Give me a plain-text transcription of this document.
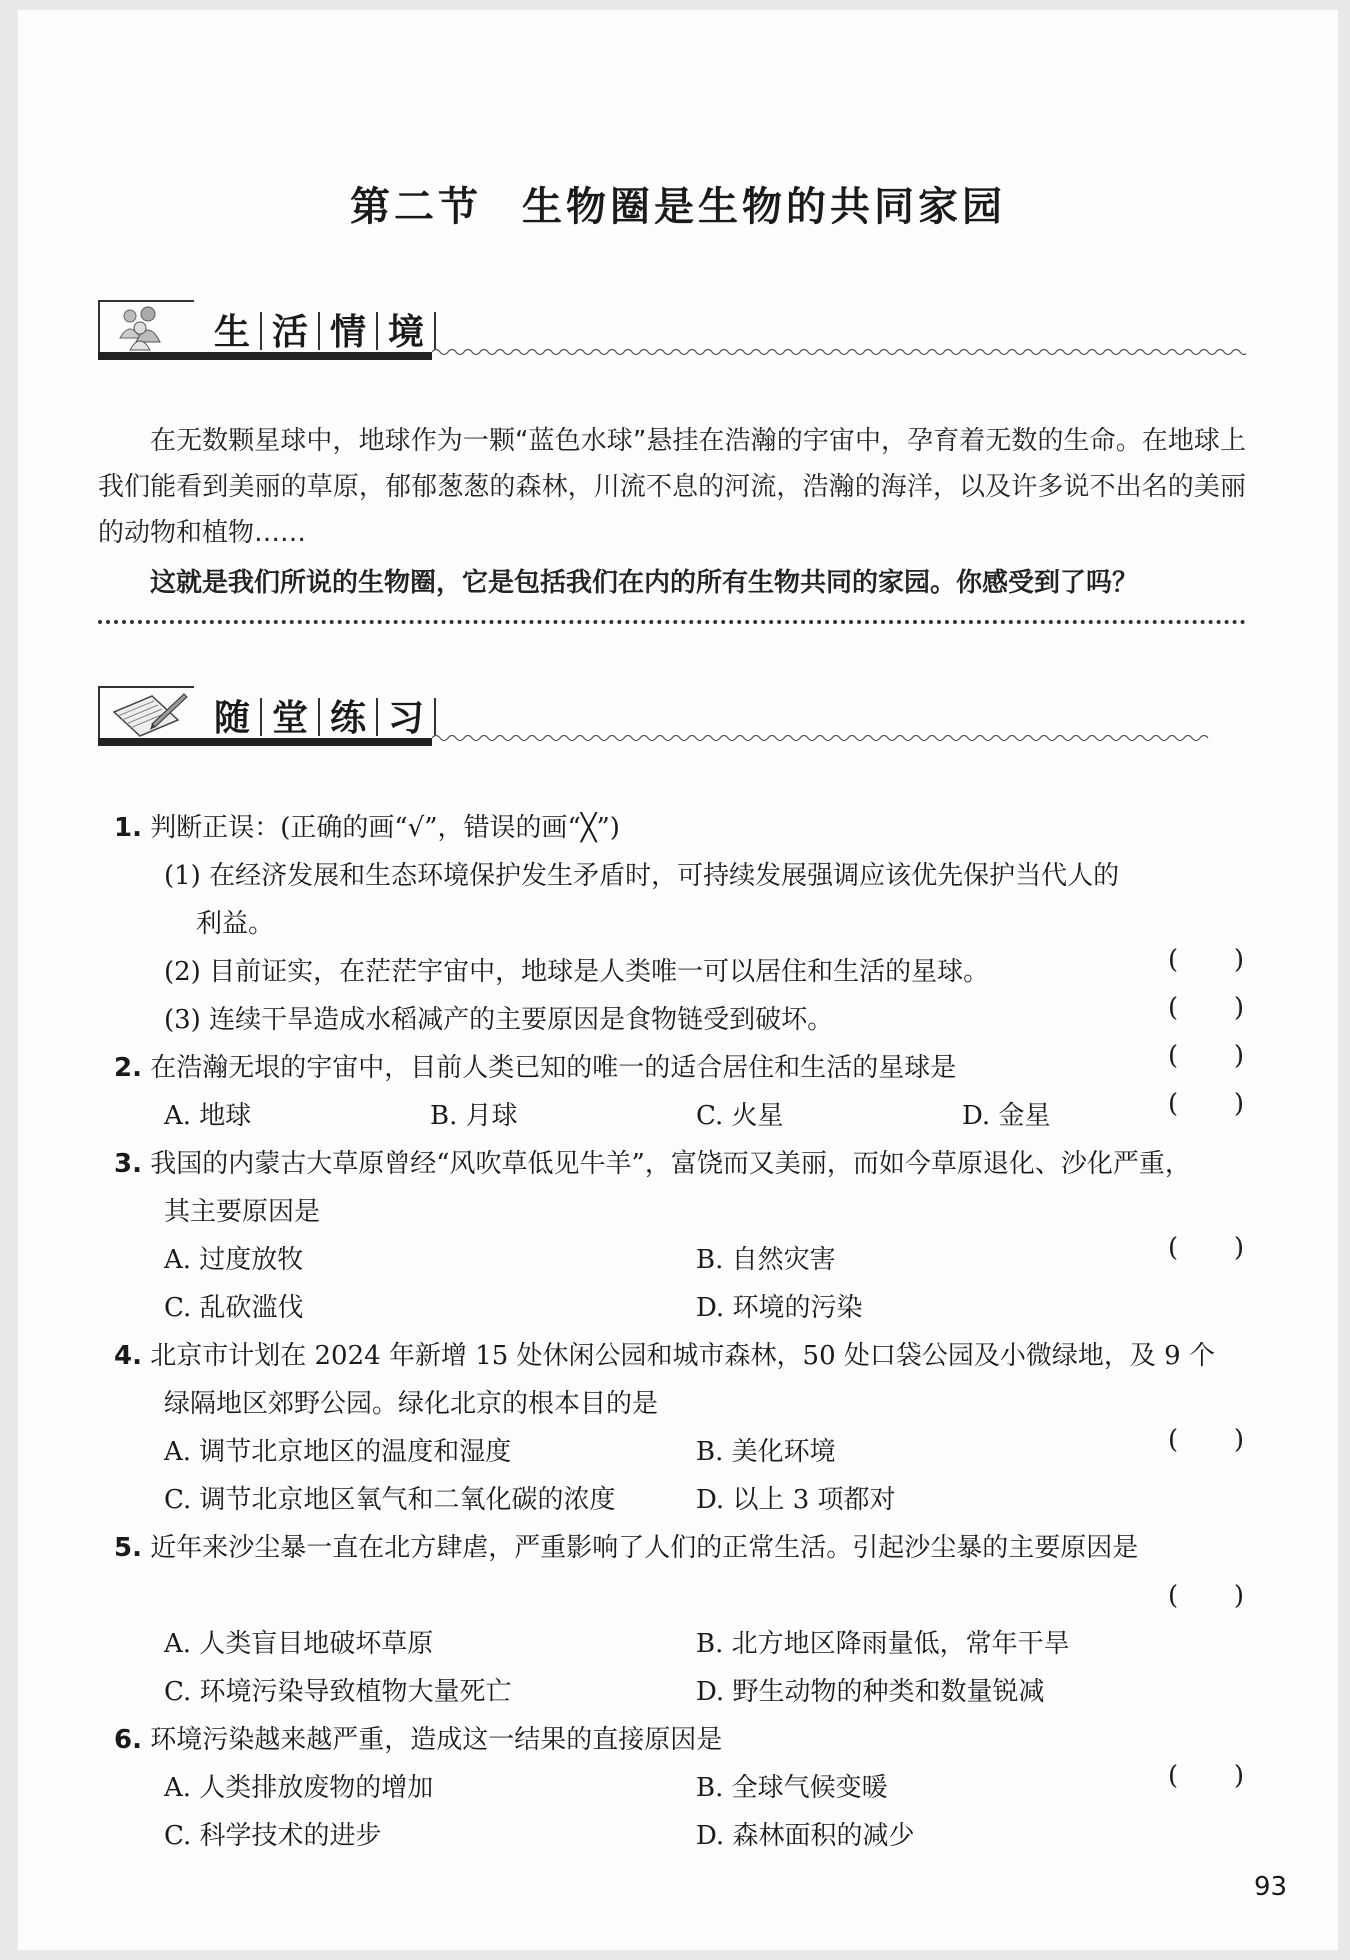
第二节 生物圈是生物的共同家园
生 活 情 境

在无数颗星球中，地球作为一颗“蓝色水球”悬挂在浩瀚的宇宙中，孕育着无数的生命。在地球上我们能看到美丽的草原，郁郁葱葱的森林，川流不息的河流，浩瀚的海洋，以及许多说不出名的美丽的动物和植物……

这就是我们所说的生物圈，它是包括我们在内的所有生物共同的家园。你感受到了吗？

随 堂 练 习
1. 判断正误：(正确的画“√”，错误的画“╳”)
(1) 在经济发展和生态环境保护发生矛盾时，可持续发展强调应该优先保护当代人的
利益。
( )
(2) 目前证实，在茫茫宇宙中，地球是人类唯一可以居住和生活的星球。
( )
(3) 连续干旱造成水稻减产的主要原因是食物链受到破坏。
( )
2. 在浩瀚无垠的宇宙中，目前人类已知的唯一的适合居住和生活的星球是
( )
A. 地球	B. 月球	C. 火星	D. 金星
3. 我国的内蒙古大草原曾经“风吹草低见牛羊”，富饶而又美丽，而如今草原退化、沙化严重，
其主要原因是
( )
A. 过度放牧	B. 自然灾害
C. 乱砍滥伐	D. 环境的污染
4. 北京市计划在 2024 年新增 15 处休闲公园和城市森林，50 处口袋公园及小微绿地，及 9 个
绿隔地区郊野公园。绿化北京的根本目的是
( )
A. 调节北京地区的温度和湿度	B. 美化环境
C. 调节北京地区氧气和二氧化碳的浓度	D. 以上 3 项都对
5. 近年来沙尘暴一直在北方肆虐，严重影响了人们的正常生活。引起沙尘暴的主要原因是
( )
A. 人类盲目地破坏草原	B. 北方地区降雨量低，常年干旱
C. 环境污染导致植物大量死亡	D. 野生动物的种类和数量锐减
6. 环境污染越来越严重，造成这一结果的直接原因是
( )
A. 人类排放废物的增加	B. 全球气候变暖
C. 科学技术的进步	D. 森林面积的减少
93
